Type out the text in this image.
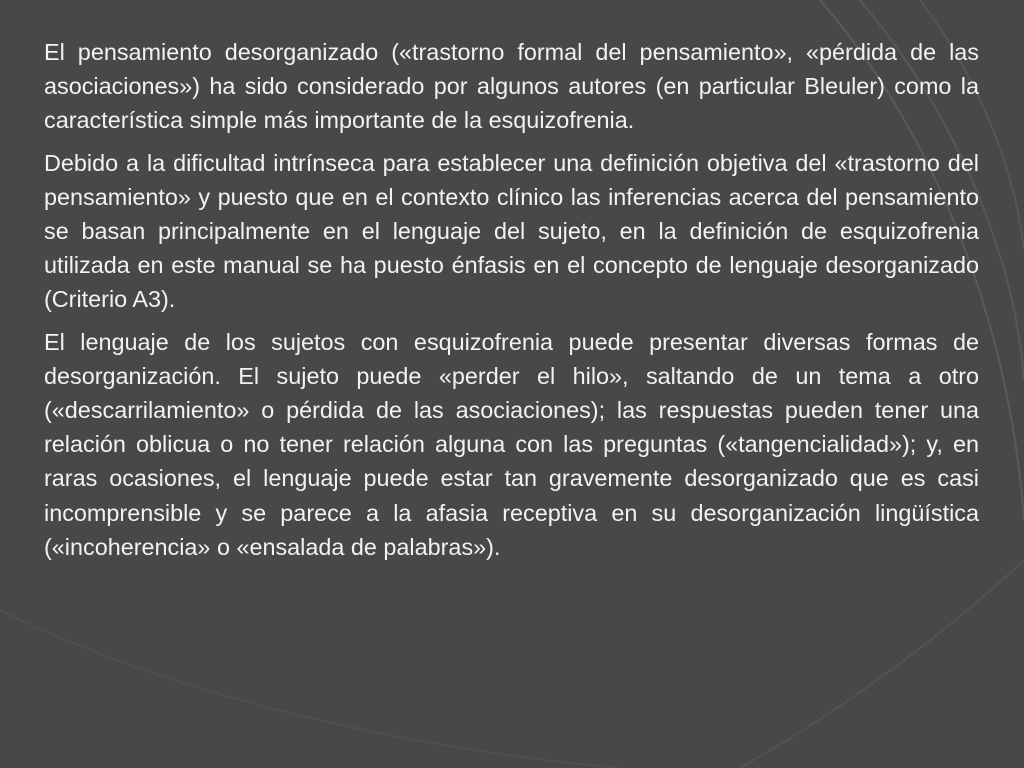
El pensamiento desorganizado («trastorno formal del pensamiento», «pérdida de las asociaciones») ha sido considerado por algunos autores (en particular Bleuler) como la característica simple más importante de la esquizofrenia.

Debido a la dificultad intrínseca para establecer una definición objetiva del «trastorno del pensamiento» y puesto que en el contexto clínico las inferencias acerca del pensamiento se basan principalmente en el lenguaje del sujeto, en la definición de esquizofrenia utilizada en este manual se ha puesto énfasis en el concepto de lenguaje desorganizado (Criterio A3).

El lenguaje de los sujetos con esquizofrenia puede presentar diversas formas de desorganización. El sujeto puede «perder el hilo», saltando de un tema a otro («descarrilamiento» o pérdida de las asociaciones); las respuestas pueden tener una relación oblicua o no tener relación alguna con las preguntas («tangencialidad»); y, en raras ocasiones, el lenguaje puede estar tan gravemente desorganizado que es casi incomprensible y se parece a la afasia receptiva en su desorganización lingüística («incoherencia» o «ensalada de palabras»).
